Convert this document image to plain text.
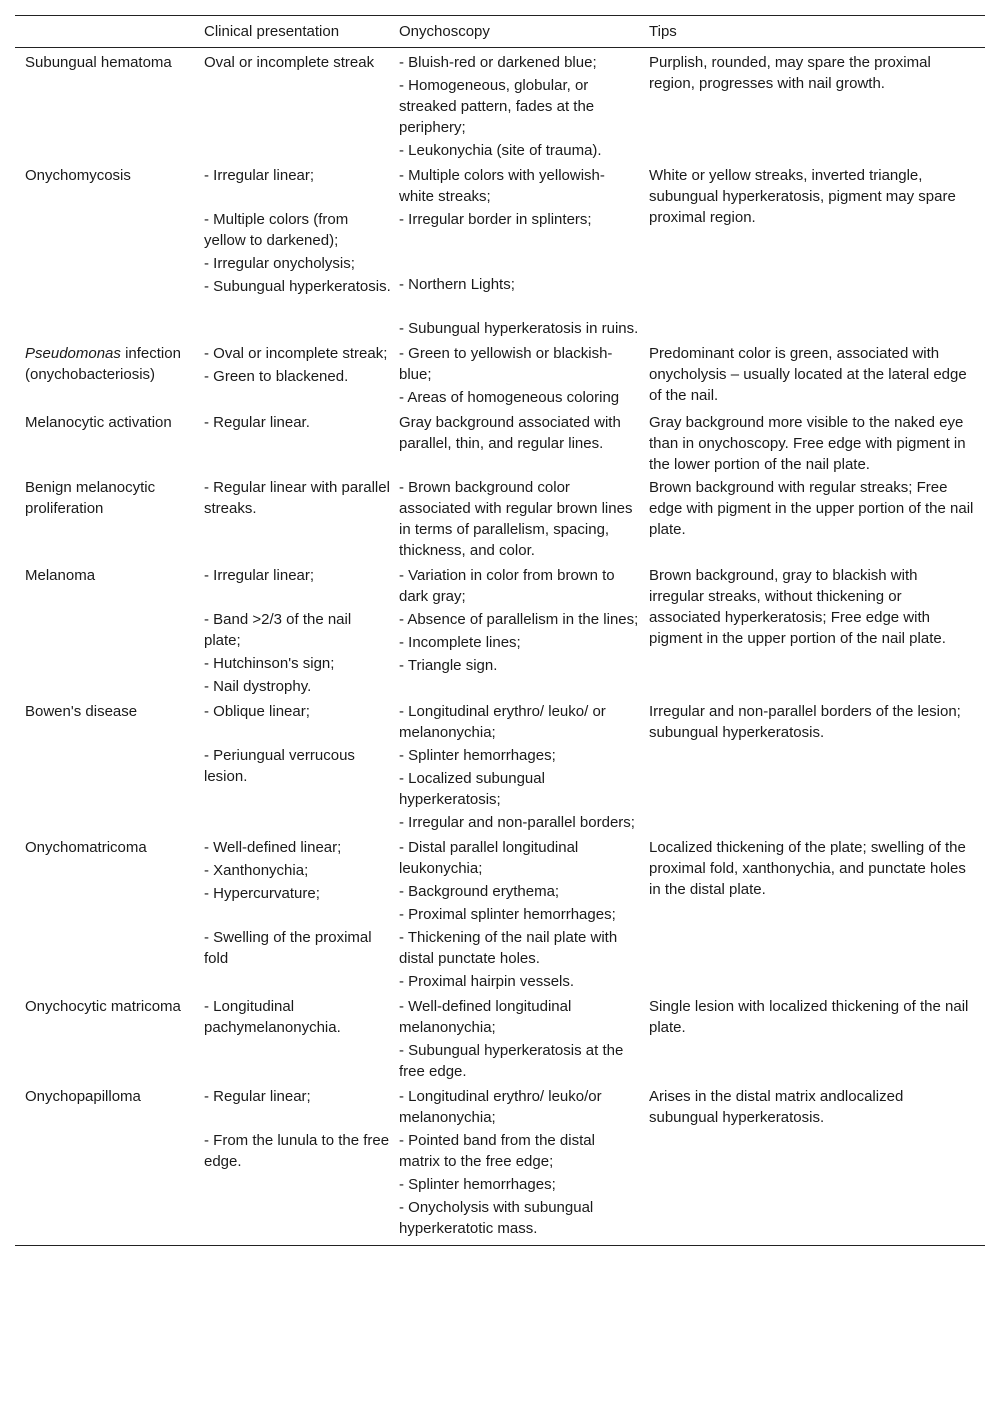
	Clinical presentation	Onychoscopy	Tips
Subungual hematoma	Oval or incomplete streak	- Bluish-red or darkened blue;
- Homogeneous, globular, or streaked pattern, fades at the periphery;
- Leukonychia (site of trauma).	Purplish, rounded, may spare the proximal region, progresses with nail growth.
Onychomycosis	- Irregular linear;
- Multiple colors (from yellow to darkened);
- Irregular onycholysis;
- Subungual hyperkeratosis.	- Multiple colors with yellowish-white streaks;
- Irregular border in splinters;
- Northern Lights;
- Subungual hyperkeratosis in ruins.	White or yellow streaks, inverted triangle, subungual hyperkeratosis, pigment may spare proximal region.
Pseudomonas infection (onychobacteriosis)	- Oval or incomplete streak;
- Green to blackened.	- Green to yellowish or blackish-blue;
- Areas of homogeneous coloring	Predominant color is green, associated with onycholysis – usually located at the lateral edge of the nail.
Melanocytic activation	- Regular linear.	Gray background associated with parallel, thin, and regular lines.	Gray background more visible to the naked eye than in onychoscopy. Free edge with pigment in the lower portion of the nail plate.
Benign melanocytic proliferation	- Regular linear with parallel streaks.	- Brown background color associated with regular brown lines in terms of parallelism, spacing, thickness, and color.	Brown background with regular streaks; Free edge with pigment in the upper portion of the nail plate.
Melanoma	- Irregular linear;
- Band >2/3 of the nail plate;
- Hutchinson's sign;
- Nail dystrophy.	- Variation in color from brown to dark gray;
- Absence of parallelism in the lines;
- Incomplete lines;
- Triangle sign.	Brown background, gray to blackish with irregular streaks, without thickening or associated hyperkeratosis; Free edge with pigment in the upper portion of the nail plate.
Bowen's disease	- Oblique linear;
- Periungual verrucous lesion.	- Longitudinal erythro/ leuko/ or melanonychia;
- Splinter hemorrhages;
- Localized subungual hyperkeratosis;
- Irregular and non-parallel borders;	Irregular and non-parallel borders of the lesion; subungual hyperkeratosis.
Onychomatricoma	- Well-defined linear;
- Xanthonychia;
- Hypercurvature;
- Swelling of the proximal fold	- Distal parallel longitudinal leukonychia;
- Background erythema;
- Proximal splinter hemorrhages;
- Thickening of the nail plate with distal punctate holes.
- Proximal hairpin vessels.	Localized thickening of the plate; swelling of the proximal fold, xanthonychia, and punctate holes in the distal plate.
Onychocytic matricoma	- Longitudinal pachymelanonychia.	- Well-defined longitudinal melanonychia;
- Subungual hyperkeratosis at the free edge.	Single lesion with localized thickening of the nail plate.
Onychopapilloma	- Regular linear;
- From the lunula to the free edge.	- Longitudinal erythro/ leuko/or melanonychia;
- Pointed band from the distal matrix to the free edge;
- Splinter hemorrhages;
- Onycholysis with subungual hyperkeratotic mass.	Arises in the distal matrix andlocalized subungual hyperkeratosis.
